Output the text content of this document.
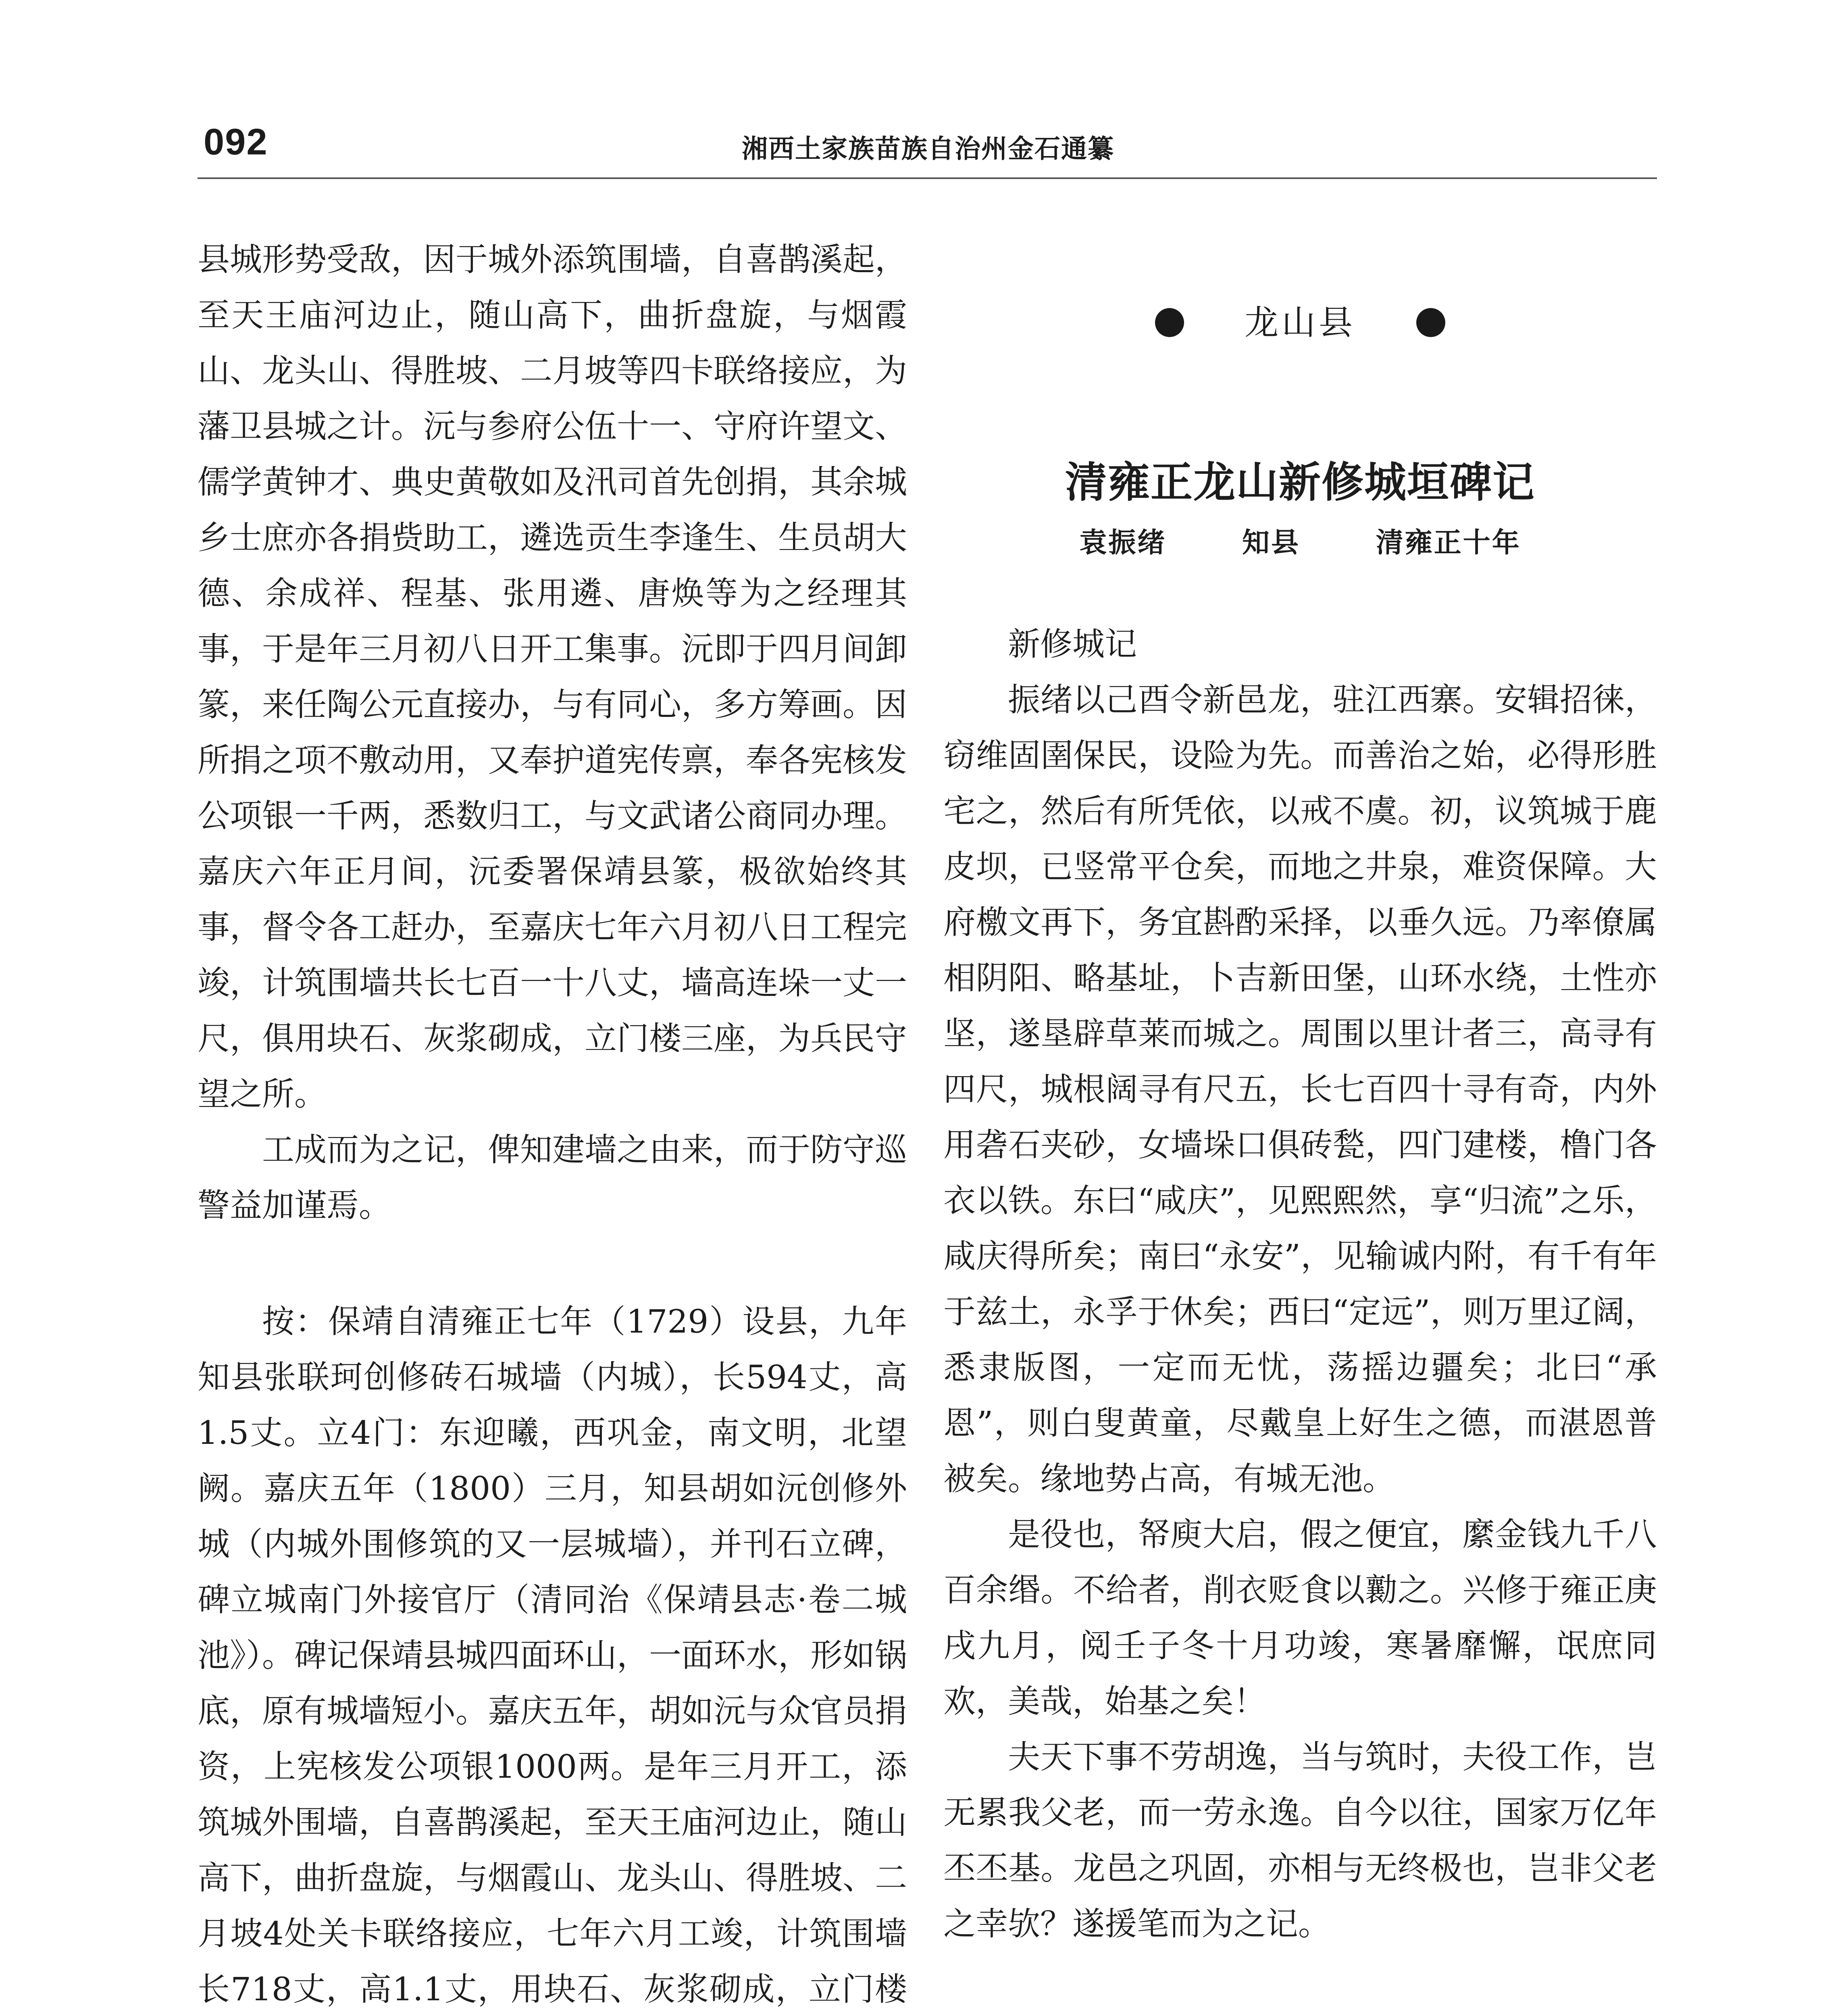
092	湘西土家族苗族自治州金石通纂

县城形势受敌，因于城外添筑围墙，自喜鹊溪起，至天王庙河边止，随山高下，曲折盘旋，与烟霞山、龙头山、得胜坡、二月坡等四卡联络接应，为藩卫县城之计。沅与参府公伍十一、守府许望文、儒学黄钟才、典史黄敬如及汛司首先创捐，其余城乡士庶亦各捐赀助工，遴选贡生李逢生、生员胡大德、余成祥、程基、张用遴、唐焕等为之经理其事，于是年三月初八日开工集事。沅即于四月间卸篆，来任陶公元直接办，与有同心，多方筹画。因所捐之项不敷动用，又奉护道宪传禀，奉各宪核发公项银一千两，悉数归工，与文武诸公商同办理。嘉庆六年正月间，沅委署保靖县篆，极欲始终其事，督令各工赶办，至嘉庆七年六月初八日工程完竣，计筑围墙共长七百一十八丈，墙高连垛一丈一尺，俱用块石、灰浆砌成，立门楼三座，为兵民守望之所。

工成而为之记，俾知建墙之由来，而于防守巡警益加谨焉。

按：保靖自清雍正七年（1729）设县，九年知县张联珂创修砖石城墙（内城），长594丈，高1.5丈。立4门：东迎曦，西巩金，南文明，北望阙。嘉庆五年（1800）三月，知县胡如沅创修外城（内城外围修筑的又一层城墙），并刊石立碑，碑立城南门外接官厅（清同治《保靖县志·卷二城池》）。碑记保靖县城四面环山，一面环水，形如锅底，原有城墙短小。嘉庆五年，胡如沅与众官员捐资，上宪核发公项银1000两。是年三月开工，添筑城外围墙，自喜鹊溪起，至天王庙河边止，随山高下，曲折盘旋，与烟霞山、龙头山、得胜坡、二月坡4处关卡联络接应，七年六月工竣，计筑围墙长718丈，高1.1丈，用块石、灰浆砌成，立门楼

龙山县
清雍正龙山新修城垣碑记
袁振绪	知县	清雍正十年

新修城记

振绪以己酉令新邑龙，驻江西寨。安辑招徕，窃维固圉保民，设险为先。而善治之始，必得形胜宅之，然后有所凭依，以戒不虞。初，议筑城于鹿皮坝，已竖常平仓矣，而地之井泉，难资保障。大府檄文再下，务宜斟酌采择，以垂久远。乃率僚属相阴阳、略基址，卜吉新田堡，山环水绕，土性亦坚，遂垦辟草莱而城之。周围以里计者三，高寻有四尺，城根阔寻有尺五，长七百四十寻有奇，内外用砻石夹砂，女墙垛口俱砖甃，四门建楼，橹门各衣以铁。东曰“咸庆”，见熙熙然，享“归流”之乐，咸庆得所矣；南曰“永安”，见输诚内附，有千有年于兹土，永孚于休矣；西曰“定远”，则万里辽阔，悉隶版图，一定而无忧，荡摇边疆矣；北曰“承恩”，则白叟黄童，尽戴皇上好生之德，而湛恩普被矣。缘地势占高，有城无池。

是役也，帑庾大启，假之便宜，縻金钱九千八百余缗。不给者，削衣贬食以勷之。兴修于雍正庚戌九月，阅壬子冬十月功竣，寒暑靡懈，氓庶同欢，美哉，始基之矣！

夫天下事不劳胡逸，当与筑时，夫役工作，岂无累我父老，而一劳永逸。自今以往，国家万亿年丕丕基。龙邑之巩固，亦相与无终极也，岂非父老之幸欤？遂援笔而为之记。
